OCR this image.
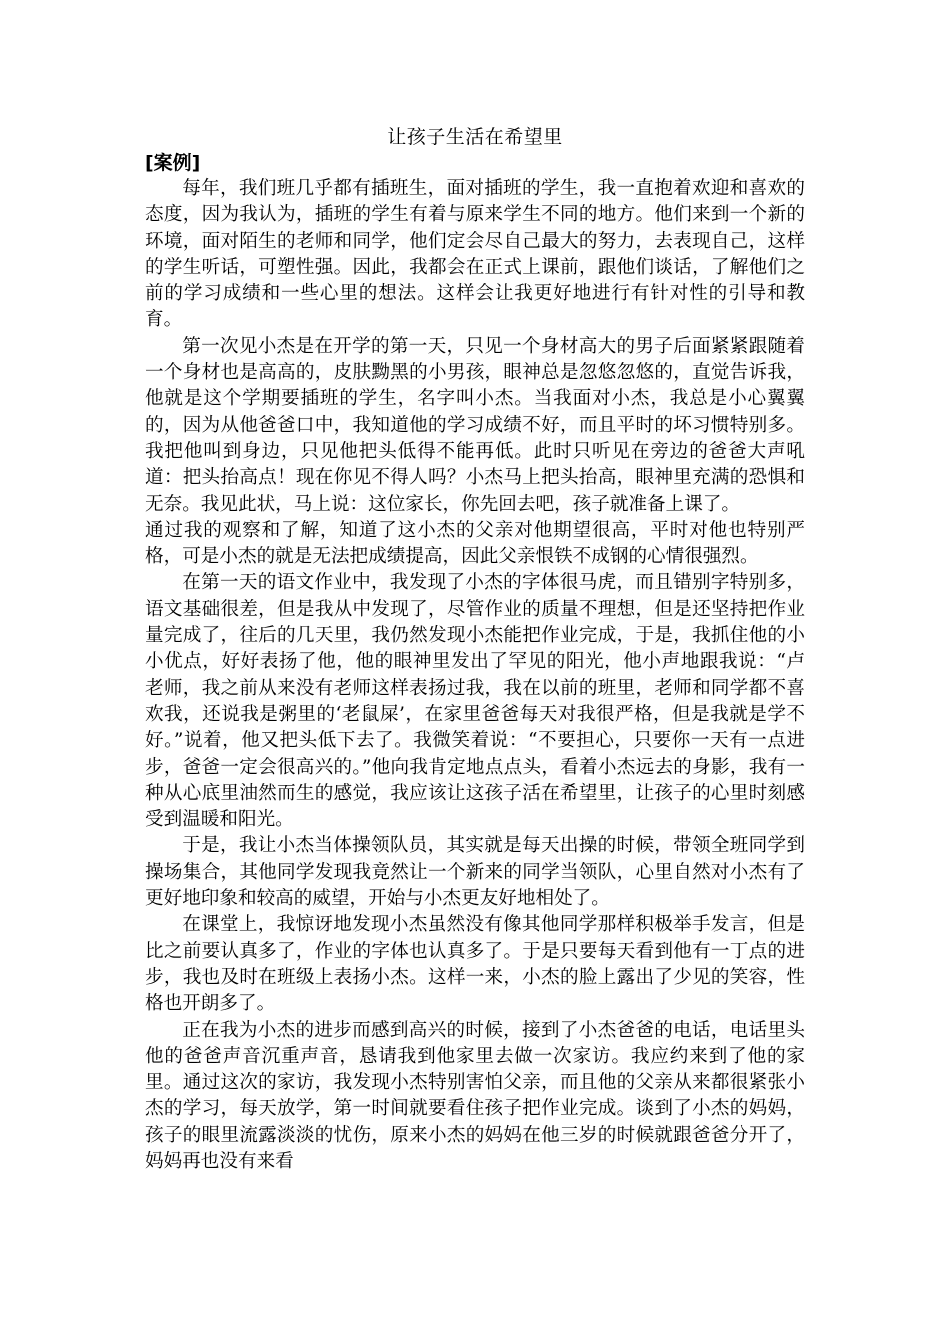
让孩子生活在希望里
[案例]

每年，我们班几乎都有插班生，面对插班的学生，我一直抱着欢迎和喜欢的态度，因为我认为，插班的学生有着与原来学生不同的地方。他们来到一个新的环境，面对陌生的老师和同学，他们定会尽自己最大的努力，去表现自己，这样的学生听话，可塑性强。因此，我都会在正式上课前，跟他们谈话，了解他们之前的学习成绩和一些心里的想法。这样会让我更好地进行有针对性的引导和教育。

第一次见小杰是在开学的第一天，只见一个身材高大的男子后面紧紧跟随着一个身材也是高高的，皮肤黝黑的小男孩，眼神总是忽悠忽悠的，直觉告诉我，他就是这个学期要插班的学生，名字叫小杰。当我面对小杰，我总是小心翼翼的，因为从他爸爸口中，我知道他的学习成绩不好，而且平时的坏习惯特别多。我把他叫到身边，只见他把头低得不能再低。此时只听见在旁边的爸爸大声吼道：把头抬高点！现在你见不得人吗？小杰马上把头抬高，眼神里充满的恐惧和无奈。我见此状，马上说：这位家长，你先回去吧，孩子就准备上课了。

通过我的观察和了解，知道了这小杰的父亲对他期望很高，平时对他也特别严格，可是小杰的就是无法把成绩提高，因此父亲恨铁不成钢的心情很强烈。

在第一天的语文作业中，我发现了小杰的字体很马虎，而且错别字特别多，语文基础很差，但是我从中发现了，尽管作业的质量不理想，但是还坚持把作业量完成了，往后的几天里，我仍然发现小杰能把作业完成，于是，我抓住他的小小优点，好好表扬了他，他的眼神里发出了罕见的阳光，他小声地跟我说：“卢老师，我之前从来没有老师这样表扬过我，我在以前的班里，老师和同学都不喜欢我，还说我是粥里的‘老鼠屎’，在家里爸爸每天对我很严格，但是我就是学不好。”说着，他又把头低下去了。我微笑着说：“不要担心，只要你一天有一点进步，爸爸一定会很高兴的。”他向我肯定地点点头，看着小杰远去的身影，我有一种从心底里油然而生的感觉，我应该让这孩子活在希望里，让孩子的心里时刻感受到温暖和阳光。

于是，我让小杰当体操领队员，其实就是每天出操的时候，带领全班同学到操场集合，其他同学发现我竟然让一个新来的同学当领队，心里自然对小杰有了更好地印象和较高的威望，开始与小杰更友好地相处了。

在课堂上，我惊讶地发现小杰虽然没有像其他同学那样积极举手发言，但是比之前要认真多了，作业的字体也认真多了。于是只要每天看到他有一丁点的进步，我也及时在班级上表扬小杰。这样一来，小杰的脸上露出了少见的笑容，性格也开朗多了。

正在我为小杰的进步而感到高兴的时候，接到了小杰爸爸的电话，电话里头他的爸爸声音沉重声音，恳请我到他家里去做一次家访。我应约来到了他的家里。通过这次的家访，我发现小杰特别害怕父亲，而且他的父亲从来都很紧张小杰的学习，每天放学，第一时间就要看住孩子把作业完成。谈到了小杰的妈妈，孩子的眼里流露淡淡的忧伤，原来小杰的妈妈在他三岁的时候就跟爸爸分开了，妈妈再也没有来看
